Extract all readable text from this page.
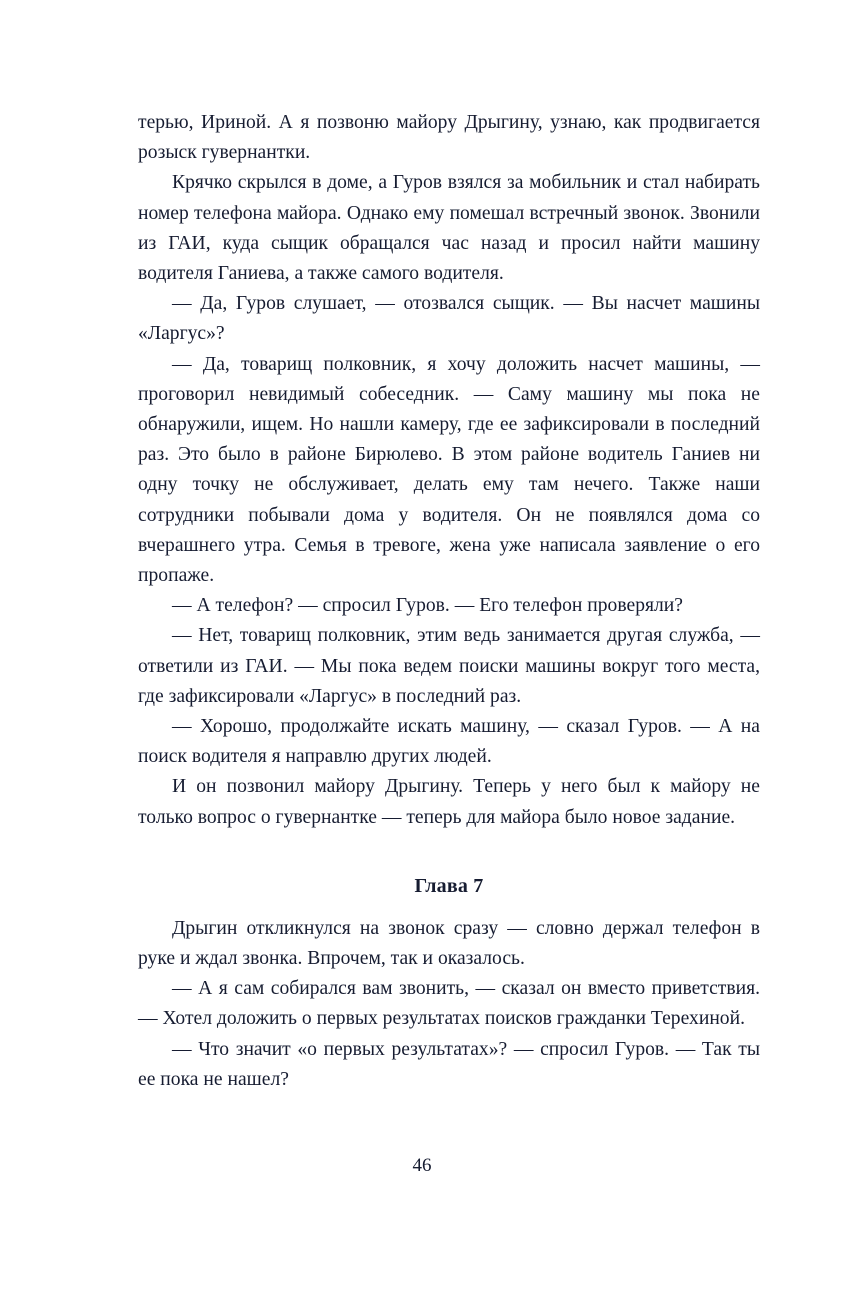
терью, Ириной. А я позвоню майору Дрыгину, узнаю, как продвигается розыск гувернантки.

Крячко скрылся в доме, а Гуров взялся за мобильник и стал набирать номер телефона майора. Однако ему помешал встречный звонок. Звонили из ГАИ, куда сыщик обращался час назад и просил найти машину водителя Ганиева, а также самого водителя.

— Да, Гуров слушает, — отозвался сыщик. — Вы насчет машины «Ларгус»?

— Да, товарищ полковник, я хочу доложить насчет машины, — проговорил невидимый собеседник. — Саму машину мы пока не обнаружили, ищем. Но нашли камеру, где ее зафиксировали в последний раз. Это было в районе Бирюлево. В этом районе водитель Ганиев ни одну точку не обслуживает, делать ему там нечего. Также наши сотрудники побывали дома у водителя. Он не появлялся дома со вчерашнего утра. Семья в тревоге, жена уже написала заявление о его пропаже.

— А телефон? — спросил Гуров. — Его телефон проверяли?

— Нет, товарищ полковник, этим ведь занимается другая служба, — ответили из ГАИ. — Мы пока ведем поиски машины вокруг того места, где зафиксировали «Ларгус» в последний раз.

— Хорошо, продолжайте искать машину, — сказал Гуров. — А на поиск водителя я направлю других людей.

И он позвонил майору Дрыгину. Теперь у него был к майору не только вопрос о гувернантке — теперь для майора было новое задание.

Глава 7

Дрыгин откликнулся на звонок сразу — словно держал телефон в руке и ждал звонка. Впрочем, так и оказалось.

— А я сам собирался вам звонить, — сказал он вместо приветствия. — Хотел доложить о первых результатах поисков гражданки Терехиной.

— Что значит «о первых результатах»? — спросил Гуров. — Так ты ее пока не нашел?

46
